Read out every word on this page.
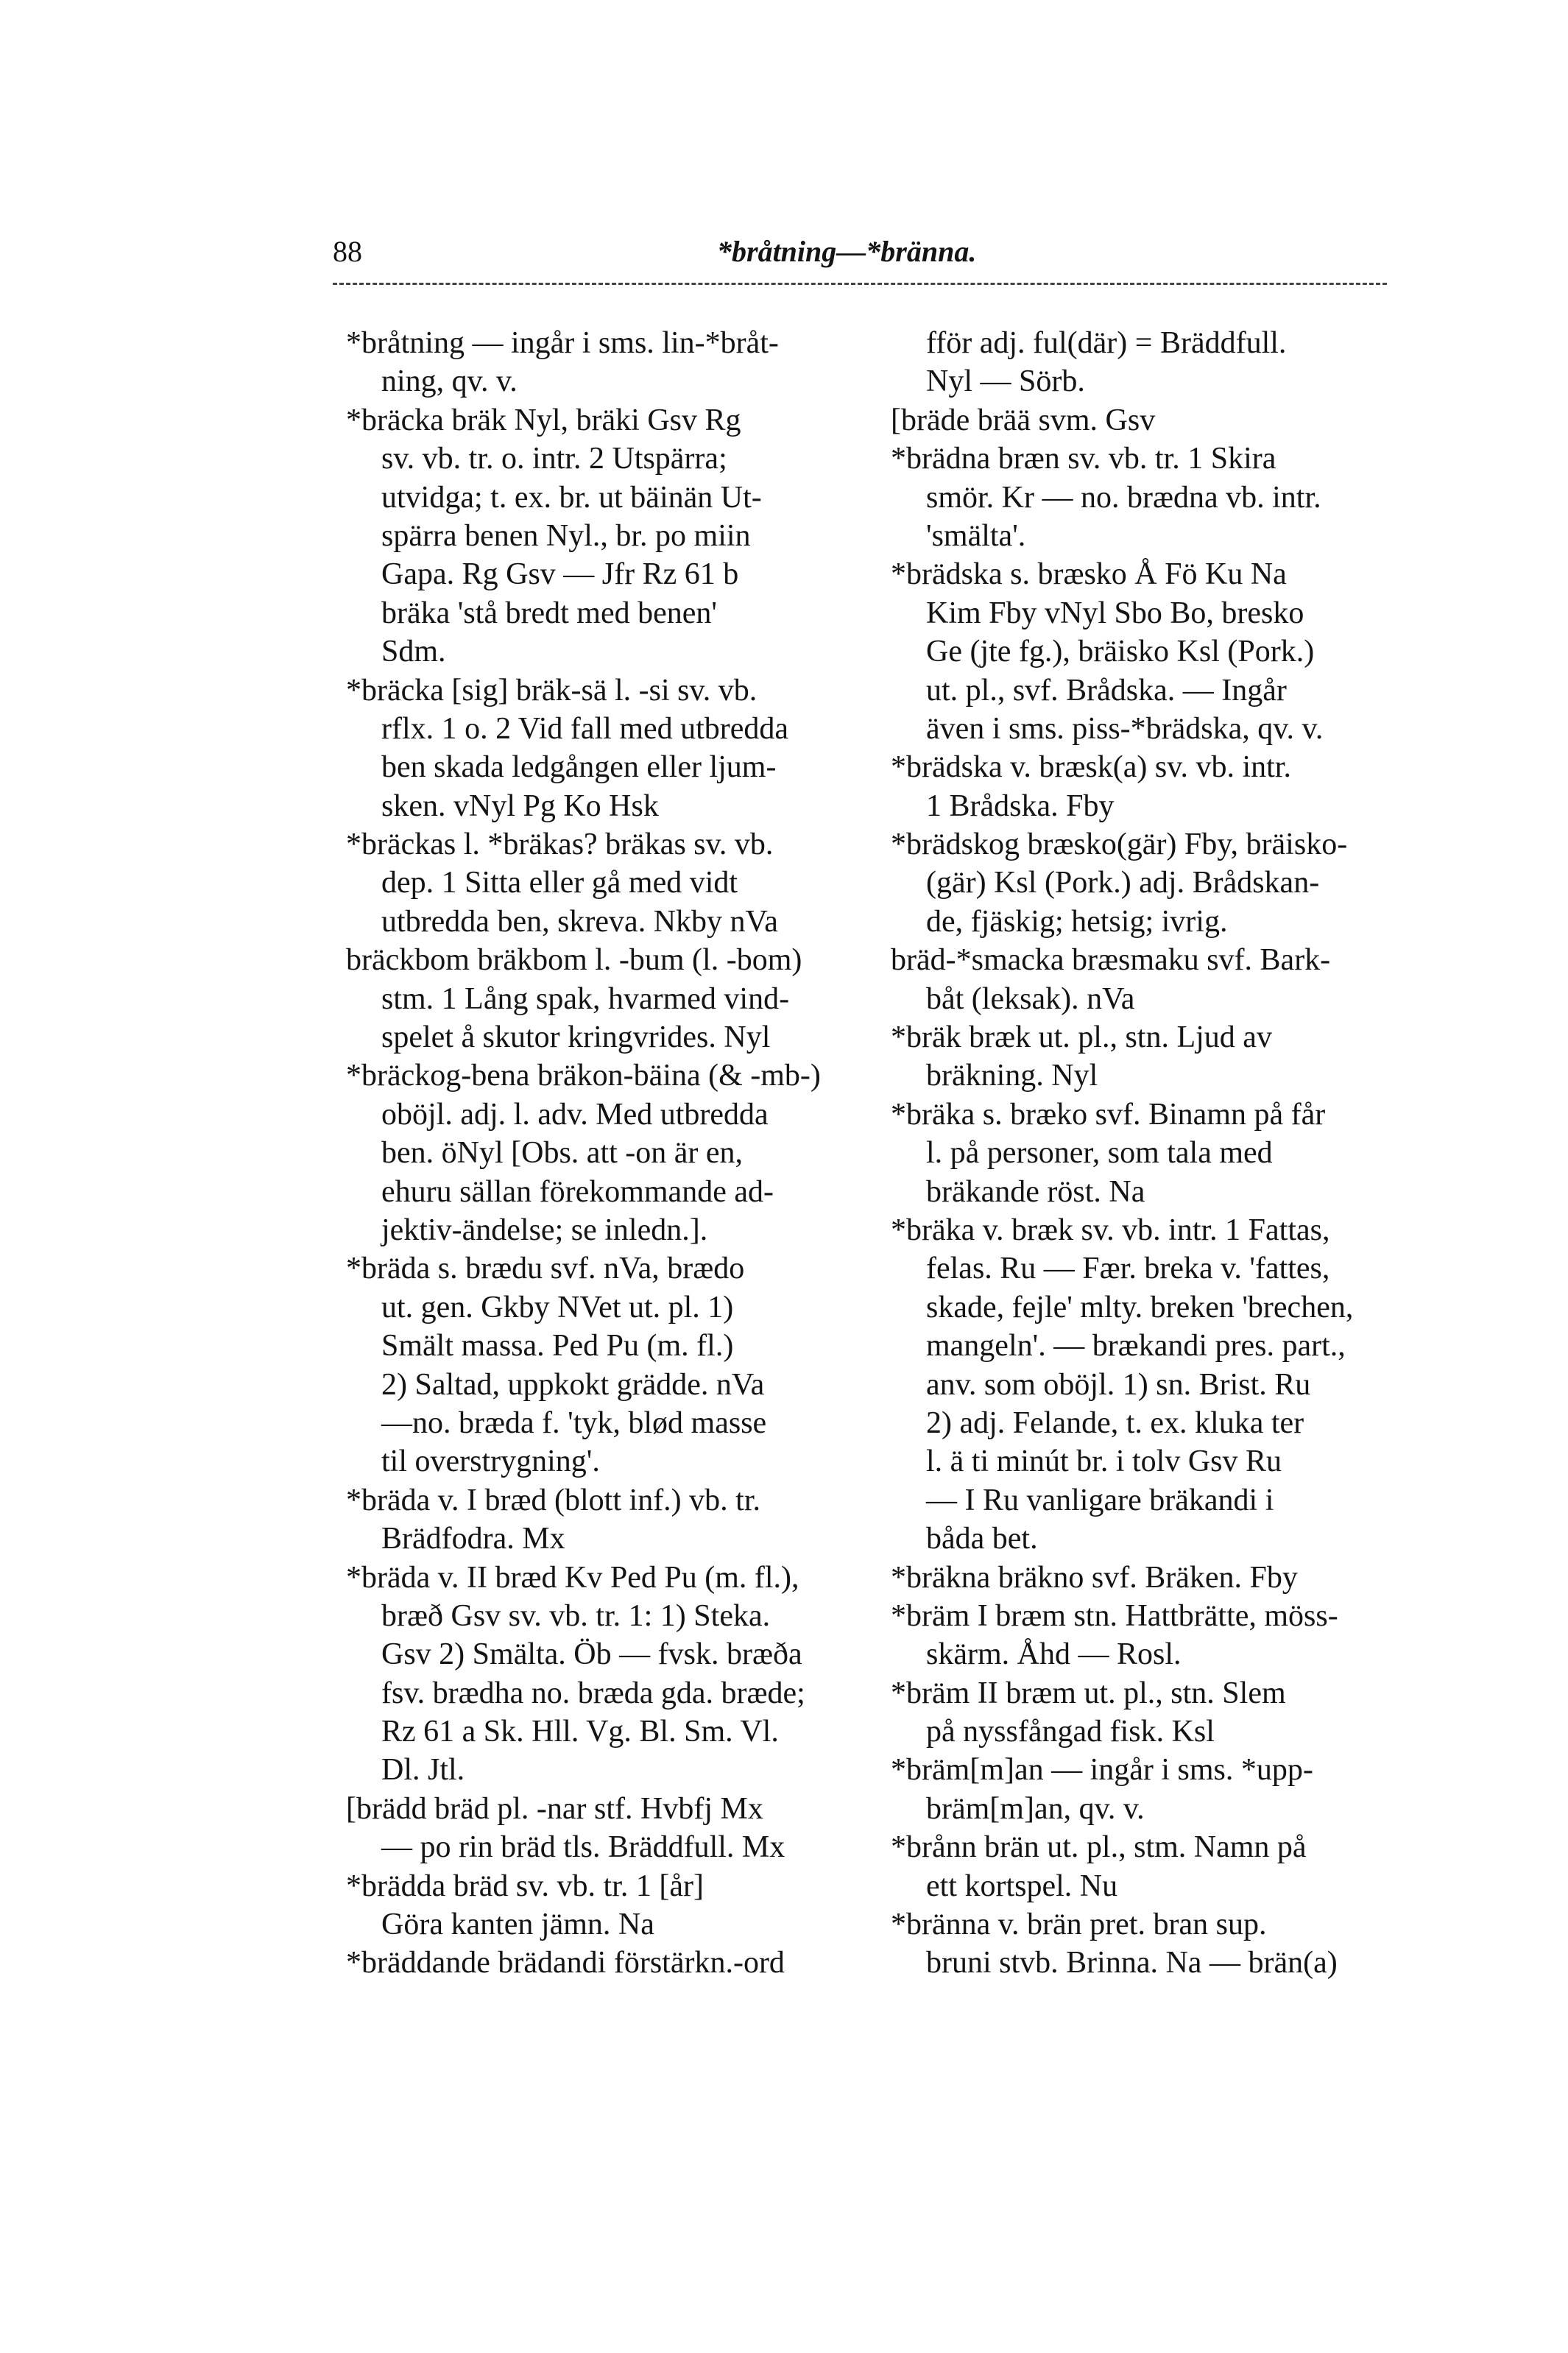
88	*bråtning—*bränna.
*bråtning — ingår i sms. lin-*bråt-
ning, qv. v.
*bräcka bräk Nyl, bräki Gsv Rg
sv. vb. tr. o. intr. 2 Utspärra;
utvidga; t. ex. br. ut bäinän Ut-
spärra benen Nyl., br. po miin
Gapa. Rg Gsv — Jfr Rz 61 b
bräka 'stå bredt med benen'
Sdm.
*bräcka [sig] bräk-sä l. -si sv. vb.
rflx. 1 o. 2 Vid fall med utbredda
ben skada ledgången eller ljum-
sken. vNyl Pg Ko Hsk
*bräckas l. *bräkas? bräkas sv. vb.
dep. 1 Sitta eller gå med vidt
utbredda ben, skreva. Nkby nVa
bräckbom bräkbom l. -bum (l. -bom)
stm. 1 Lång spak, hvarmed vind-
spelet å skutor kringvrides. Nyl
*bräckog-bena bräkon-bäina (& -mb-)
oböjl. adj. l. adv. Med utbredda
ben. öNyl [Obs. att -on är en,
ehuru sällan förekommande ad-
jektiv-ändelse; se inledn.].
*bräda s. brædu svf. nVa, brædo
ut. gen. Gkby NVet ut. pl. 1)
Smält massa. Ped Pu (m. fl.)
2) Saltad, uppkokt grädde. nVa
—no. bræda f. 'tyk, blød masse
til overstrygning'.
*bräda v. I bræd (blott inf.) vb. tr.
Brädfodra. Mx
*bräda v. II bræd Kv Ped Pu (m. fl.),
bræð Gsv sv. vb. tr. 1: 1) Steka.
Gsv 2) Smälta. Öb — fvsk. bræða
fsv. brædha no. bræda gda. bræde;
Rz 61 a Sk. Hll. Vg. Bl. Sm. Vl.
Dl. Jtl.
[brädd bräd pl. -nar stf. Hvbfj Mx
— po rin bräd tls. Bräddfull. Mx
*brädda bräd sv. vb. tr. 1 [år]
Göra kanten jämn. Na
*bräddande brädandi förstärkn.-ord
fför adj. ful(där) = Bräddfull.
Nyl — Sörb.
[bräde brää svm. Gsv
*brädna bræn sv. vb. tr. 1 Skira
smör. Kr — no. brædna vb. intr.
'smälta'.
*brädska s. bræsko Å Fö Ku Na
Kim Fby vNyl Sbo Bo, bresko
Ge (jte fg.), bräisko Ksl (Pork.)
ut. pl., svf. Brådska. — Ingår
även i sms. piss-*brädska, qv. v.
*brädska v. bræsk(a) sv. vb. intr.
1 Brådska. Fby
*brädskog bræsko(gär) Fby, bräisko-
(gär) Ksl (Pork.) adj. Brådskan-
de, fjäskig; hetsig; ivrig.
bräd-*smacka bræsmaku svf. Bark-
båt (leksak). nVa
*bräk bræk ut. pl., stn. Ljud av
bräkning. Nyl
*bräka s. bræko svf. Binamn på får
l. på personer, som tala med
bräkande röst. Na
*bräka v. bræk sv. vb. intr. 1 Fattas,
felas. Ru — Fær. breka v. 'fattes,
skade, fejle' mlty. breken 'brechen,
mangeln'. — brækandi pres. part.,
anv. som oböjl. 1) sn. Brist. Ru
2) adj. Felande, t. ex. kluka ter
l. ä ti minút br. i tolv Gsv Ru
— I Ru vanligare bräkandi i
båda bet.
*bräkna bräkno svf. Bräken. Fby
*bräm I bræm stn. Hattbrätte, möss-
skärm. Åhd — Rosl.
*bräm II bræm ut. pl., stn. Slem
på nyssfångad fisk. Ksl
*bräm[m]an — ingår i sms. *upp-
bräm[m]an, qv. v.
*brånn brän ut. pl., stm. Namn på
ett kortspel. Nu
*bränna v. brän pret. bran sup.
bruni stvb. Brinna. Na — brän(a)
